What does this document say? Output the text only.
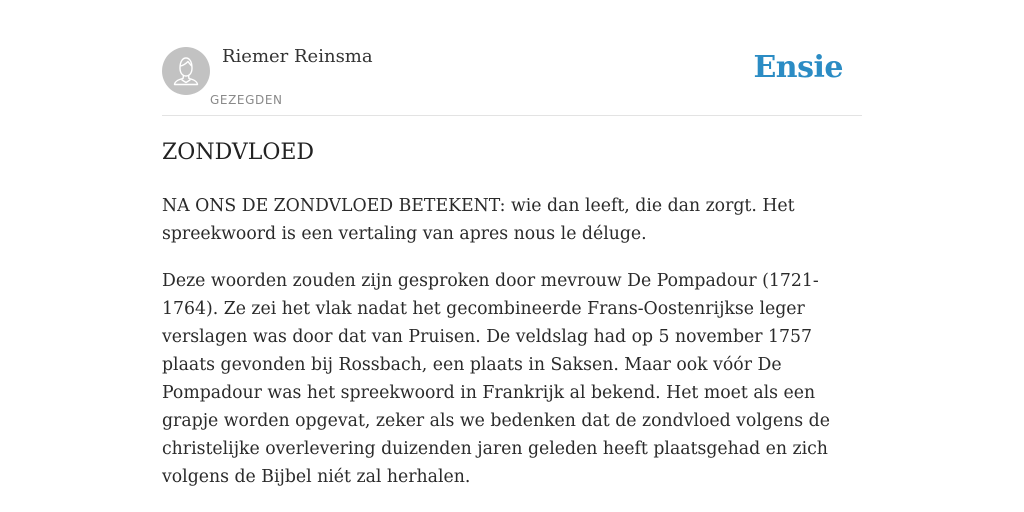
Riemer Reinsma
GEZEGDEN
Ensie
ZONDVLOED

NA ONS DE ZONDVLOED BETEKENT: wie dan leeft, die dan zorgt. Het spreekwoord is een vertaling van apres nous le déluge.

Deze woorden zouden zijn gesproken door mevrouw De Pompadour (1721-1764). Ze zei het vlak nadat het gecombineerde Frans-Oostenrijkse leger verslagen was door dat van Pruisen. De veldslag had op 5 november 1757 plaats gevonden bij Rossbach, een plaats in Saksen. Maar ook vóór De Pompadour was het spreekwoord in Frankrijk al bekend. Het moet als een grapje worden opgevat, zeker als we bedenken dat de zondvloed volgens de christelijke overlevering duizenden jaren geleden heeft plaatsgehad en zich volgens de Bijbel niét zal herhalen.
